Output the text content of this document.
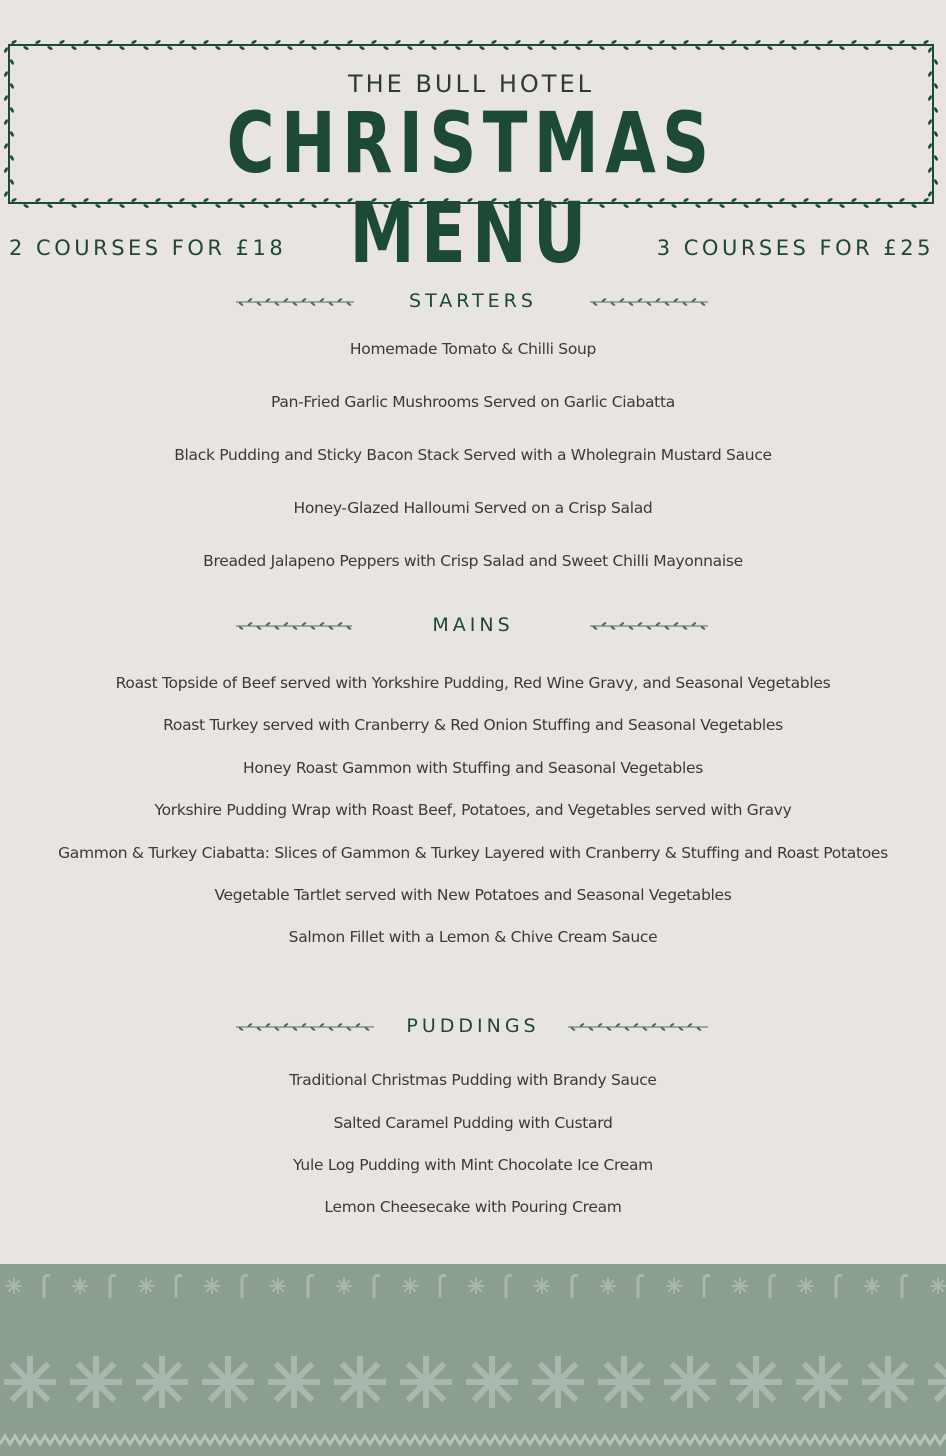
THE BULL HOTEL
CHRISTMAS MENU
2 COURSES FOR £18	3 COURSES FOR £25
STARTERS
Homemade Tomato & Chilli Soup
Pan-Fried Garlic Mushrooms Served on Garlic Ciabatta
Black Pudding and Sticky Bacon Stack Served with a Wholegrain Mustard Sauce
Honey-Glazed Halloumi Served on a Crisp Salad
Breaded Jalapeno Peppers with Crisp Salad and Sweet Chilli Mayonnaise
MAINS
Roast Topside of Beef served with Yorkshire Pudding, Red Wine Gravy, and Seasonal Vegetables
Roast Turkey served with Cranberry & Red Onion Stuffing and Seasonal Vegetables
Honey Roast Gammon with Stuffing and Seasonal Vegetables
Yorkshire Pudding Wrap with Roast Beef, Potatoes, and Vegetables served with Gravy
Gammon & Turkey Ciabatta: Slices of Gammon & Turkey Layered with Cranberry & Stuffing and Roast Potatoes
Vegetable Tartlet served with New Potatoes and Seasonal Vegetables
Salmon Fillet with a Lemon & Chive Cream Sauce
PUDDINGS
Traditional Christmas Pudding with Brandy Sauce
Salted Caramel Pudding with Custard
Yule Log Pudding with Mint Chocolate Ice Cream
Lemon Cheesecake with Pouring Cream
